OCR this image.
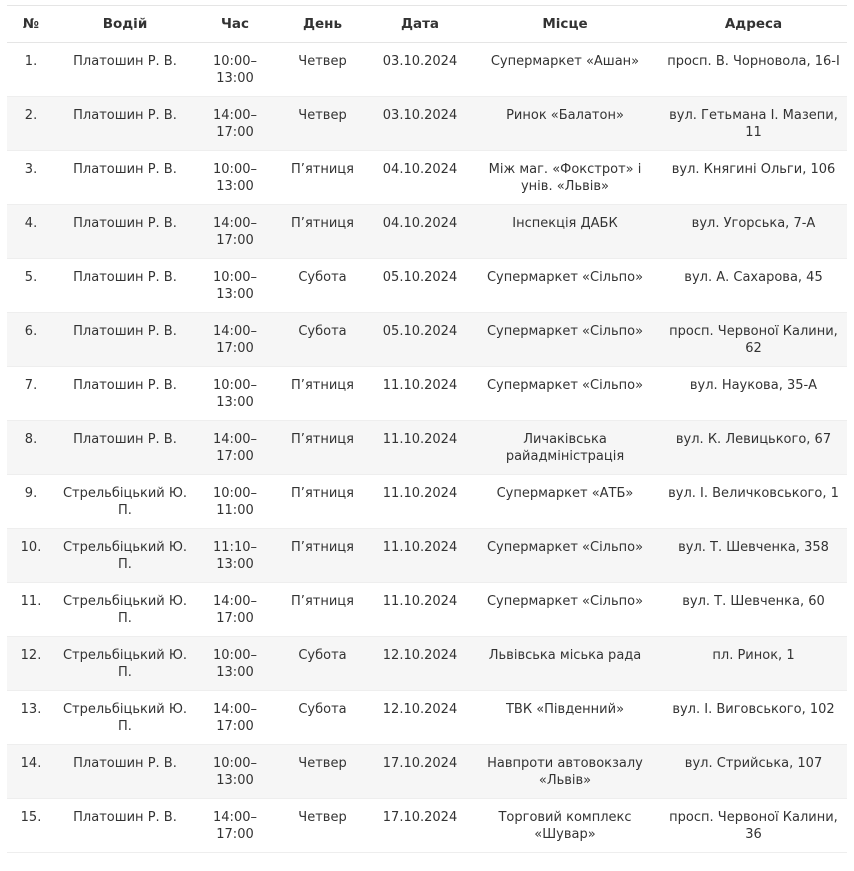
№	Водій	Час	День	Дата	Місце	Адреса
1.	Платошин Р. В.	10:00–13:00	Четвер	03.10.2024	Супермаркет «Ашан»	просп. В. Чорновола, 16-І
2.	Платошин Р. В.	14:00–17:00	Четвер	03.10.2024	Ринок «Балатон»	вул. Гетьмана І. Мазепи, 11
3.	Платошин Р. В.	10:00–13:00	П’ятниця	04.10.2024	Між маг. «Фокстрот» і унів. «Львів»	вул. Княгині Ольги, 106
4.	Платошин Р. В.	14:00–17:00	П’ятниця	04.10.2024	Інспекція ДАБК	вул. Угорська, 7-А
5.	Платошин Р. В.	10:00–13:00	Субота	05.10.2024	Супермаркет «Сільпо»	вул. А. Сахарова, 45
6.	Платошин Р. В.	14:00–17:00	Субота	05.10.2024	Супермаркет «Сільпо»	просп. Червоної Калини, 62
7.	Платошин Р. В.	10:00–13:00	П’ятниця	11.10.2024	Супермаркет «Сільпо»	вул. Наукова, 35-А
8.	Платошин Р. В.	14:00–17:00	П’ятниця	11.10.2024	Личаківська райадміністрація	вул. К. Левицького, 67
9.	Стрельбіцький Ю. П.	10:00–11:00	П’ятниця	11.10.2024	Супермаркет «АТБ»	вул. І. Величковського, 1
10.	Стрельбіцький Ю. П.	11:10–13:00	П’ятниця	11.10.2024	Супермаркет «Сільпо»	вул. Т. Шевченка, 358
11.	Стрельбіцький Ю. П.	14:00–17:00	П’ятниця	11.10.2024	Супермаркет «Сільпо»	вул. Т. Шевченка, 60
12.	Стрельбіцький Ю. П.	10:00–13:00	Субота	12.10.2024	Львівська міська рада	пл. Ринок, 1
13.	Стрельбіцький Ю. П.	14:00–17:00	Субота	12.10.2024	ТВК «Південний»	вул. І. Виговського, 102
14.	Платошин Р. В.	10:00–13:00	Четвер	17.10.2024	Навпроти автовокзалу «Львів»	вул. Стрийська, 107
15.	Платошин Р. В.	14:00–17:00	Четвер	17.10.2024	Торговий комплекс «Шувар»	просп. Червоної Калини, 36
